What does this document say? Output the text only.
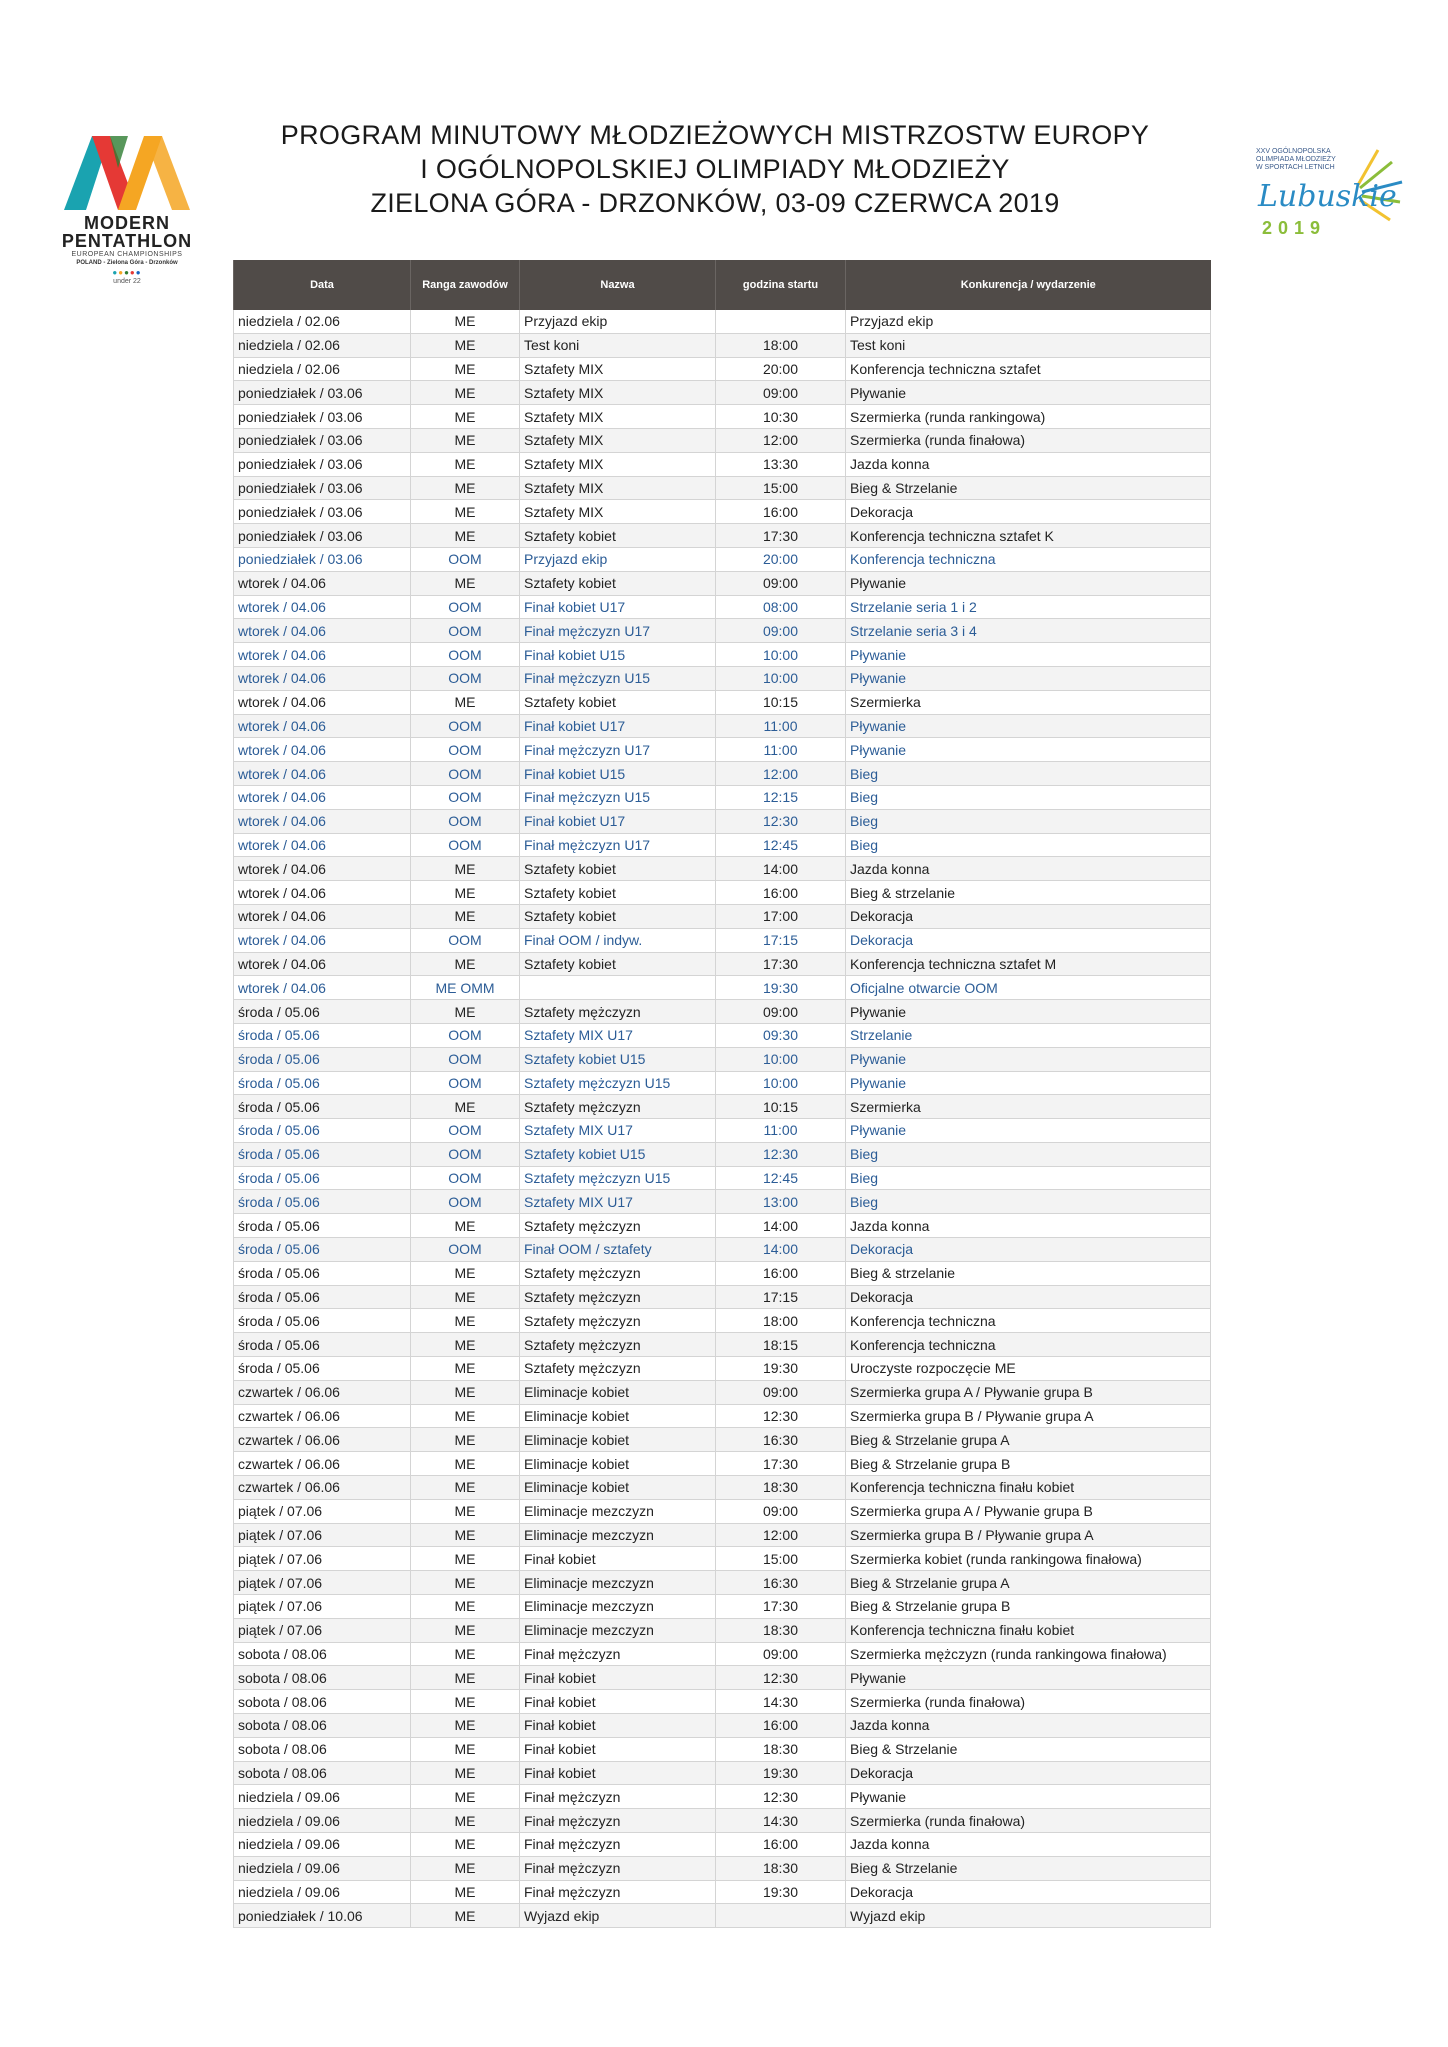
MODERN
PENTATHLON
EUROPEAN CHAMPIONSHIPS
POLAND - Zielona Góra - Drzonków
●●●●●
under 22
PROGRAM MINUTOWY MŁODZIEŻOWYCH MISTRZOSTW EUROPY
I OGÓLNOPOLSKIEJ OLIMPIADY MŁODZIEŻY
ZIELONA GÓRA - DRZONKÓW, 03-09 CZERWCA 2019
XXV OGÓLNOPOLSKA
OLIMPIADA MŁODZIEŻY
W SPORTACH LETNICH
Lubuskie
2019
Data	Ranga zawodów	Nazwa	godzina startu	Konkurencja / wydarzenie
niedziela / 02.06	ME	Przyjazd ekip		Przyjazd ekip
niedziela / 02.06	ME	Test koni	18:00	Test koni
niedziela / 02.06	ME	Sztafety MIX	20:00	Konferencja techniczna sztafet
poniedziałek / 03.06	ME	Sztafety MIX	09:00	Pływanie
poniedziałek / 03.06	ME	Sztafety MIX	10:30	Szermierka (runda rankingowa)
poniedziałek / 03.06	ME	Sztafety MIX	12:00	Szermierka (runda finałowa)
poniedziałek / 03.06	ME	Sztafety MIX	13:30	Jazda konna
poniedziałek / 03.06	ME	Sztafety MIX	15:00	Bieg & Strzelanie
poniedziałek / 03.06	ME	Sztafety MIX	16:00	Dekoracja
poniedziałek / 03.06	ME	Sztafety kobiet	17:30	Konferencja techniczna sztafet K
poniedziałek / 03.06	OOM	Przyjazd ekip	20:00	Konferencja techniczna
wtorek / 04.06	ME	Sztafety kobiet	09:00	Pływanie
wtorek / 04.06	OOM	Finał kobiet U17	08:00	Strzelanie seria 1 i 2
wtorek / 04.06	OOM	Finał mężczyzn U17	09:00	Strzelanie seria 3 i 4
wtorek / 04.06	OOM	Finał kobiet U15	10:00	Pływanie
wtorek / 04.06	OOM	Finał mężczyzn U15	10:00	Pływanie
wtorek / 04.06	ME	Sztafety kobiet	10:15	Szermierka
wtorek / 04.06	OOM	Finał kobiet U17	11:00	Pływanie
wtorek / 04.06	OOM	Finał mężczyzn U17	11:00	Pływanie
wtorek / 04.06	OOM	Finał kobiet U15	12:00	Bieg
wtorek / 04.06	OOM	Finał mężczyzn U15	12:15	Bieg
wtorek / 04.06	OOM	Finał kobiet U17	12:30	Bieg
wtorek / 04.06	OOM	Finał mężczyzn U17	12:45	Bieg
wtorek / 04.06	ME	Sztafety kobiet	14:00	Jazda konna
wtorek / 04.06	ME	Sztafety kobiet	16:00	Bieg & strzelanie
wtorek / 04.06	ME	Sztafety kobiet	17:00	Dekoracja
wtorek / 04.06	OOM	Finał OOM / indyw.	17:15	Dekoracja
wtorek / 04.06	ME	Sztafety kobiet	17:30	Konferencja techniczna sztafet M
wtorek / 04.06	ME OMM		19:30	Oficjalne otwarcie OOM
środa / 05.06	ME	Sztafety mężczyzn	09:00	Pływanie
środa / 05.06	OOM	Sztafety MIX U17	09:30	Strzelanie
środa / 05.06	OOM	Sztafety kobiet U15	10:00	Pływanie
środa / 05.06	OOM	Sztafety mężczyzn U15	10:00	Pływanie
środa / 05.06	ME	Sztafety mężczyzn	10:15	Szermierka
środa / 05.06	OOM	Sztafety MIX U17	11:00	Pływanie
środa / 05.06	OOM	Sztafety kobiet U15	12:30	Bieg
środa / 05.06	OOM	Sztafety mężczyzn U15	12:45	Bieg
środa / 05.06	OOM	Sztafety MIX U17	13:00	Bieg
środa / 05.06	ME	Sztafety mężczyzn	14:00	Jazda konna
środa / 05.06	OOM	Finał OOM / sztafety	14:00	Dekoracja
środa / 05.06	ME	Sztafety mężczyzn	16:00	Bieg & strzelanie
środa / 05.06	ME	Sztafety mężczyzn	17:15	Dekoracja
środa / 05.06	ME	Sztafety mężczyzn	18:00	Konferencja techniczna
środa / 05.06	ME	Sztafety mężczyzn	18:15	Konferencja techniczna
środa / 05.06	ME	Sztafety mężczyzn	19:30	Uroczyste rozpoczęcie ME
czwartek / 06.06	ME	Eliminacje kobiet	09:00	Szermierka grupa A / Pływanie grupa B
czwartek / 06.06	ME	Eliminacje kobiet	12:30	Szermierka grupa B / Pływanie grupa A
czwartek / 06.06	ME	Eliminacje kobiet	16:30	Bieg & Strzelanie grupa A
czwartek / 06.06	ME	Eliminacje kobiet	17:30	Bieg & Strzelanie grupa B
czwartek / 06.06	ME	Eliminacje kobiet	18:30	Konferencja techniczna finału kobiet
piątek / 07.06	ME	Eliminacje mezczyzn	09:00	Szermierka grupa A / Pływanie grupa B
piątek / 07.06	ME	Eliminacje mezczyzn	12:00	Szermierka grupa B / Pływanie grupa A
piątek / 07.06	ME	Finał kobiet	15:00	Szermierka kobiet (runda rankingowa finałowa)
piątek / 07.06	ME	Eliminacje mezczyzn	16:30	Bieg & Strzelanie grupa A
piątek / 07.06	ME	Eliminacje mezczyzn	17:30	Bieg & Strzelanie grupa B
piątek / 07.06	ME	Eliminacje mezczyzn	18:30	Konferencja techniczna finału kobiet
sobota / 08.06	ME	Finał mężczyzn	09:00	Szermierka mężczyzn (runda rankingowa finałowa)
sobota / 08.06	ME	Finał kobiet	12:30	Pływanie
sobota / 08.06	ME	Finał kobiet	14:30	Szermierka (runda finałowa)
sobota / 08.06	ME	Finał kobiet	16:00	Jazda konna
sobota / 08.06	ME	Finał kobiet	18:30	Bieg & Strzelanie
sobota / 08.06	ME	Finał kobiet	19:30	Dekoracja
niedziela / 09.06	ME	Finał mężczyzn	12:30	Pływanie
niedziela / 09.06	ME	Finał mężczyzn	14:30	Szermierka (runda finałowa)
niedziela / 09.06	ME	Finał mężczyzn	16:00	Jazda konna
niedziela / 09.06	ME	Finał mężczyzn	18:30	Bieg & Strzelanie
niedziela / 09.06	ME	Finał mężczyzn	19:30	Dekoracja
poniedziałek / 10.06	ME	Wyjazd ekip		Wyjazd ekip
